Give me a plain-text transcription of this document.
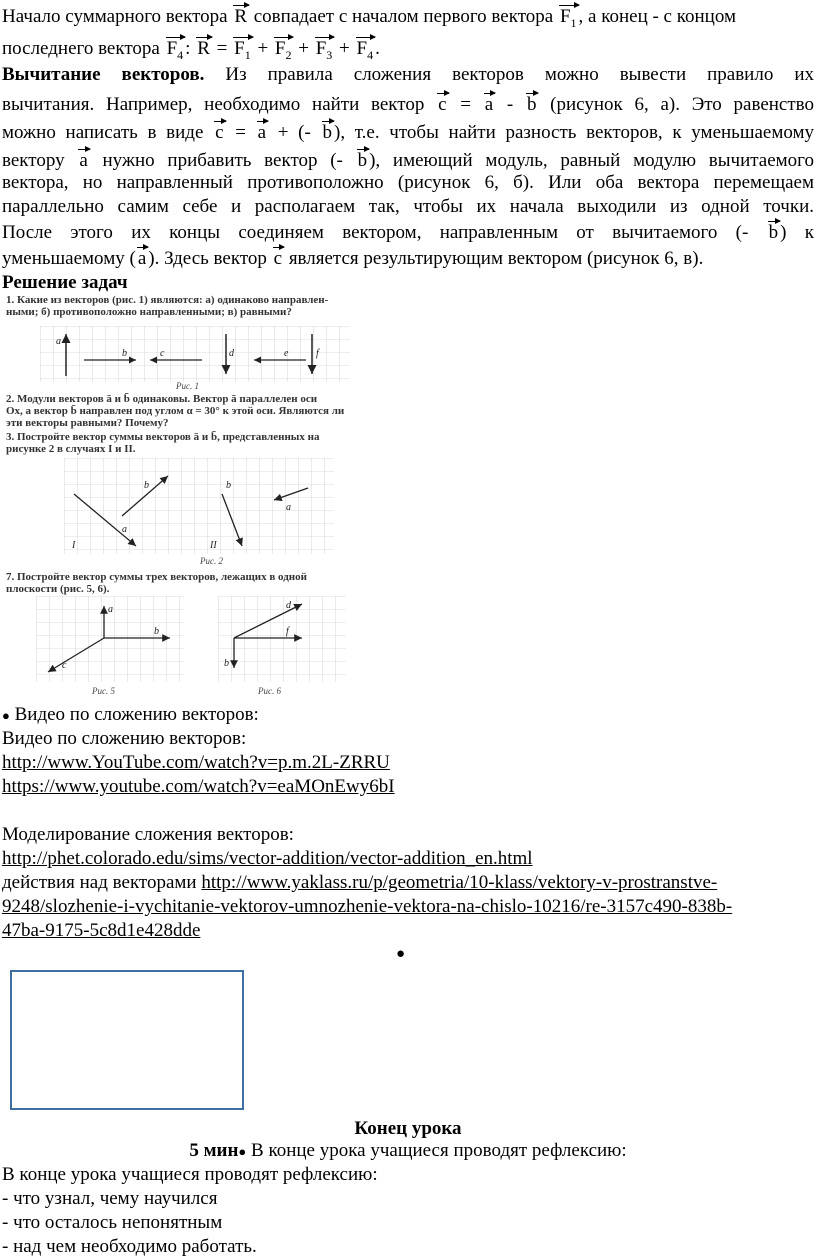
Начало суммарного вектора R совпадает с началом первого вектора $F_1$ , а конец - с концом
последнего вектора $F_4$ : $R = F_1 + F_2 + F_3 + F_4$ .
Вычитание векторов. Из правила сложения векторов можно вывести правило их
вычитания. Например, необходимо найти вектор c = a - b (рисунок 6, а). Это равенство
можно написать в виде c = a + (- b ), т.е. чтобы найти разность векторов, к уменьшаемому
вектору a нужно прибавить вектор (- b ), имеющий модуль, равный модулю вычитаемого
вектора, но направленный противоположно (рисунок 6, б). Или оба вектора перемещаем
параллельно самим себе и располагаем так, чтобы их начала выходили из одной точки.
После этого их концы соединяем вектором, направленным от вычитаемого (- b ) к
уменьшаемому ( a ). Здесь вектор c является результирующим вектором (рисунок 6, в).
Решение задач
1. Какие из векторов (рис. 1) являются: а) одинаково направлен-
ными; б) противоположно направленными; в) равными?
a
b	c	d	e	f
Рис. 1
2. Модули векторов ā и b̄ одинаковы. Вектор ā параллелен оси
Ox, а вектор b̄ направлен под углом α = 30° к этой оси. Являются ли
эти векторы равными? Почему?
3. Постройте вектор суммы векторов ā и b̄, представленных на
рисунке 2 в случаях I и II.
b
a
b
a
I	II
Рис. 2
7. Постройте вектор суммы трех векторов, лежащих в одной
плоскости (рис. 5, 6).
a
b
c
Рис. 5
d
f
b
Рис. 6
● Видео по сложению векторов:
Видео по сложению векторов:
http://www.YouTube.com/watch?v=p.m.2L-ZRRU
https://www.youtube.com/watch?v=eaMOnEwy6bI
Моделирование сложения векторов:
http://phet.colorado.edu/sims/vector-addition/vector-addition_en.html
действия над векторами http://www.yaklass.ru/p/geometria/10-klass/vektory-v-prostranstve-
9248/slozhenie-i-vychitanie-vektorov-umnozhenie-vektora-na-chislo-10216/re-3157c490-838b-
47ba-9175-5c8d1e428dde
●
Конец урока
5 мин● В конце урока учащиеся проводят рефлексию:
В конце урока учащиеся проводят рефлексию:
- что узнал, чему научился
- что осталось непонятным
- над чем необходимо работать.
